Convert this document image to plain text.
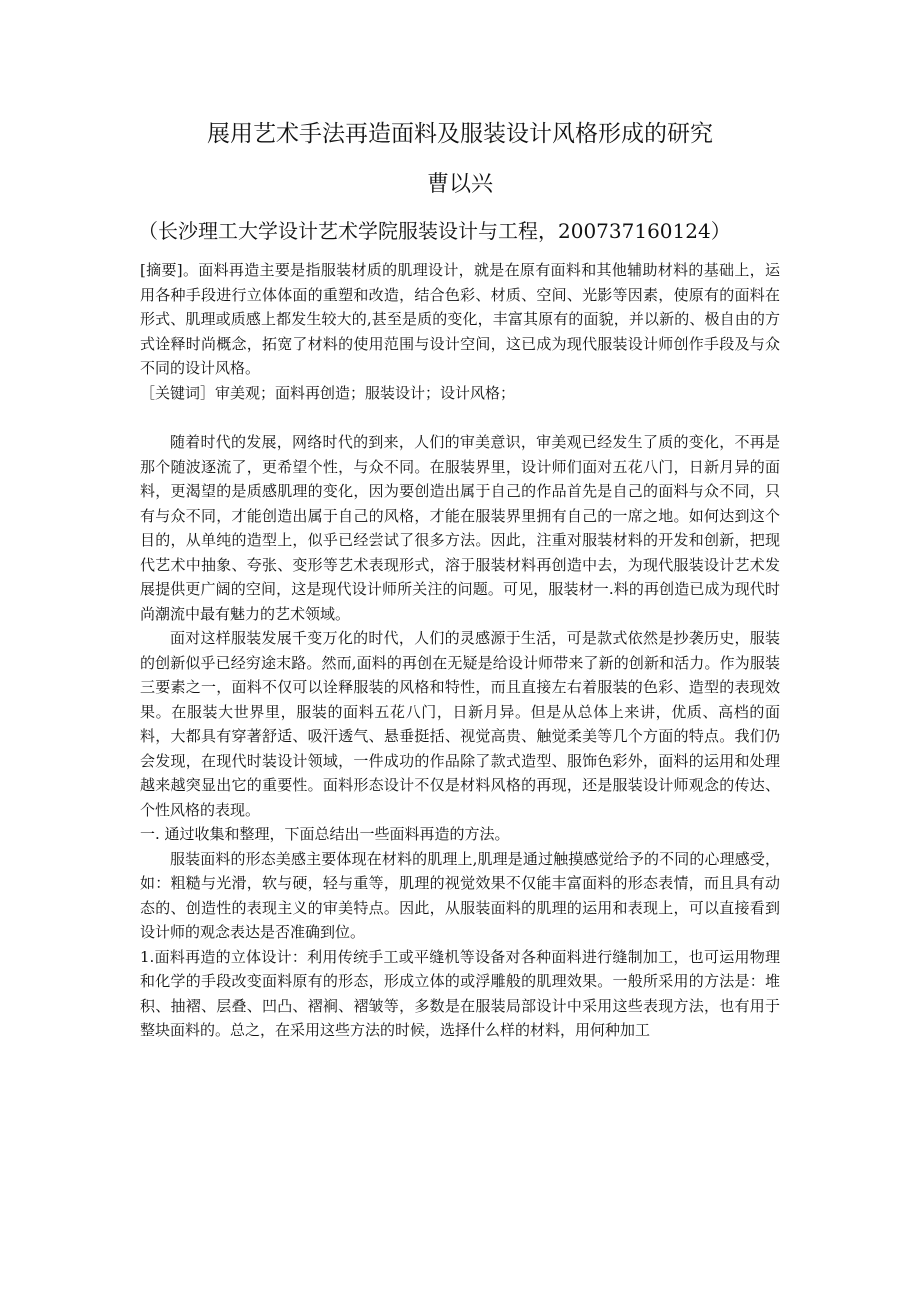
展用艺术手法再造面料及服装设计风格形成的研究
曹以兴
（长沙理工大学设计艺术学院服装设计与工程，200737160124）

[摘要]。面料再造主要是指服装材质的肌理设计，就是在原有面料和其他辅助材料的基础上，运用各种手段进行立体体面的重塑和改造，结合色彩、材质、空间、光影等因素，使原有的面料在形式、肌理或质感上都发生较大的,甚至是质的变化，丰富其原有的面貌，并以新的、极自由的方式诠释时尚概念，拓宽了材料的使用范围与设计空间，这已成为现代服装设计师创作手段及与众不同的设计风格。

［关键词］审美观；面料再创造；服装设计；设计风格；

随着时代的发展，网络时代的到来，人们的审美意识，审美观已经发生了质的变化，不再是那个随波逐流了，更希望个性，与众不同。在服装界里，设计师们面对五花八门，日新月异的面料，更渴望的是质感肌理的变化，因为要创造出属于自己的作品首先是自己的面料与众不同，只有与众不同，才能创造出属于自己的风格，才能在服装界里拥有自己的一席之地。如何达到这个目的，从单纯的造型上，似乎已经尝试了很多方法。因此，注重对服装材料的开发和创新，把现代艺术中抽象、夸张、变形等艺术表现形式，溶于服装材料再创造中去，为现代服装设计艺术发展提供更广阔的空间，这是现代设计师所关注的问题。可见，服装材一.料的再创造已成为现代时尚潮流中最有魅力的艺术领域。

面对这样服装发展千变万化的时代，人们的灵感源于生活，可是款式依然是抄袭历史，服装的创新似乎已经穷途末路。然而,面料的再创在无疑是给设计师带来了新的创新和活力。作为服装三要素之一，面料不仅可以诠释服装的风格和特性，而且直接左右着服装的色彩、造型的表现效果。在服装大世界里，服装的面料五花八门，日新月异。但是从总体上来讲，优质、高档的面料，大都具有穿著舒适、吸汗透气、悬垂挺括、视觉高贵、触觉柔美等几个方面的特点。我们仍会发现，在现代时装设计领域，一件成功的作品除了款式造型、服饰色彩外，面料的运用和处理越来越突显出它的重要性。面料形态设计不仅是材料风格的再现，还是服装设计师观念的传达、个性风格的表现。

一. 通过收集和整理，下面总结出一些面料再造的方法。

服装面料的形态美感主要体现在材料的肌理上,肌理是通过触摸感觉给予的不同的心理感受，如：粗糙与光滑，软与硬，轻与重等，肌理的视觉效果不仅能丰富面料的形态表情，而且具有动态的、创造性的表现主义的审美特点。因此，从服装面料的肌理的运用和表现上，可以直接看到设计师的观念表达是否准确到位。

1.面料再造的立体设计：利用传统手工或平缝机等设备对各种面料进行缝制加工，也可运用物理和化学的手段改变面料原有的形态，形成立体的或浮雕般的肌理效果。一般所采用的方法是：堆积、抽褶、层叠、凹凸、褶裥、褶皱等，多数是在服装局部设计中采用这些表现方法，也有用于整块面料的。总之，在采用这些方法的时候，选择什么样的材料，用何种加工
